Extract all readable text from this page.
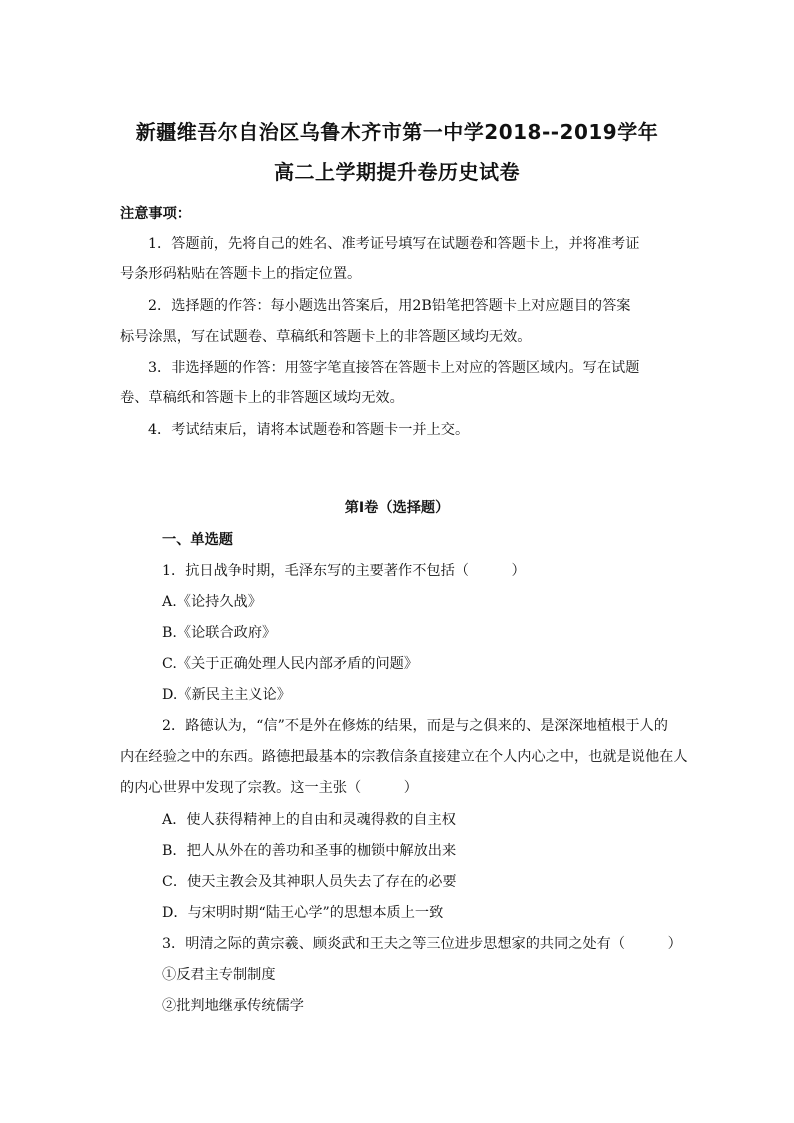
新疆维吾尔自治区乌鲁木齐市第一中学2018--2019学年
高二上学期提升卷历史试卷
注意事项：
1．答题前，先将自己的姓名、准考证号填写在试题卷和答题卡上，并将准考证
号条形码粘贴在答题卡上的指定位置。
2．选择题的作答：每小题选出答案后，用2B铅笔把答题卡上对应题目的答案
标号涂黑，写在试题卷、草稿纸和答题卡上的非答题区域均无效。
3．非选择题的作答：用签字笔直接答在答题卡上对应的答题区域内。写在试题
卷、草稿纸和答题卡上的非答题区域均无效。
4．考试结束后，请将本试题卷和答题卡一并上交。
第I卷（选择题）
一、单选题
1．抗日战争时期，毛泽东写的主要著作不包括（　　　）
A.《论持久战》
B.《论联合政府》
C.《关于正确处理人民内部矛盾的问题》
D.《新民主主义论》
2．路德认为，“信”不是外在修炼的结果，而是与之俱来的、是深深地植根于人的
内在经验之中的东西。路德把最基本的宗教信条直接建立在个人内心之中，也就是说他在人
的内心世界中发现了宗教。这一主张（　　　）
A．使人获得精神上的自由和灵魂得救的自主权
B．把人从外在的善功和圣事的枷锁中解放出来
C．使天主教会及其神职人员失去了存在的必要
D．与宋明时期“陆王心学”的思想本质上一致
3．明清之际的黄宗羲、顾炎武和王夫之等三位进步思想家的共同之处有（　　　）
①反君主专制制度
②批判地继承传统儒学
